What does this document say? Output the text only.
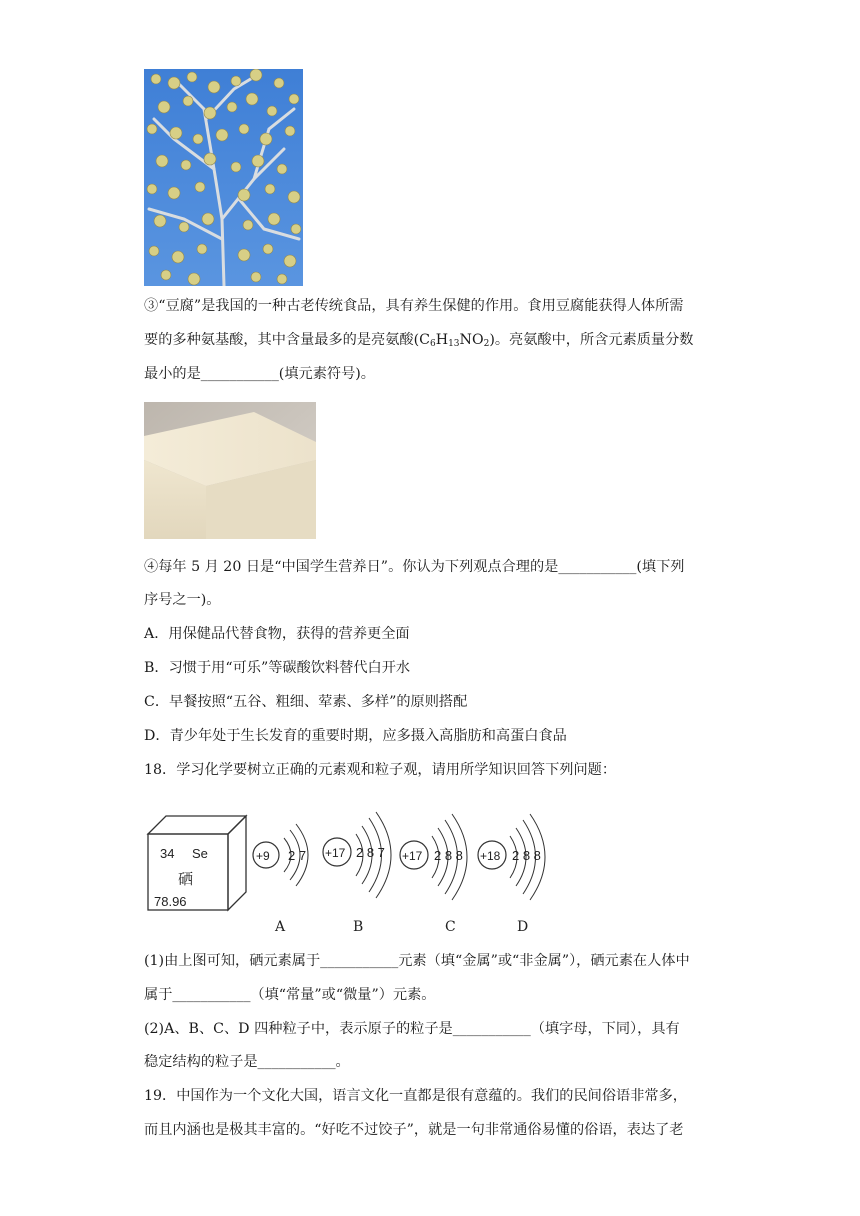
③“豆腐”是我国的一种古老传统食品，具有养生保健的作用。食用豆腐能获得人体所需
要的多种氨基酸，其中含量最多的是亮氨酸$(C_6H_{13}NO_2)$。亮氨酸中，所含元素质量分数
最小的是___________(填元素符号)。
④每年 5 月 20 日是“中国学生营养日”。你认为下列观点合理的是___________(填下列
序号之一)。
A．用保健品代替食物，获得的营养更全面
B．习惯于用“可乐”等碳酸饮料替代白开水
C．早餐按照“五谷、粗细、荤素、多样”的原则搭配
D．青少年处于生长发育的重要时期，应多摄入高脂肪和高蛋白食品
18．学习化学要树立正确的元素观和粒子观，请用所学知识回答下列问题：
34 Se
硒
78.96
+9 2 7 +17 2 8 7 +17 2 8 8 +18 2 8 8
A	B	C	D
(1)由上图可知，硒元素属于___________元素（填“金属”或“非金属”），硒元素在人体中
属于___________（填“常量”或“微量”）元素。
(2)A、B、C、D 四种粒子中，表示原子的粒子是___________（填字母，下同），具有
稳定结构的粒子是___________。
19．中国作为一个文化大国，语言文化一直都是很有意蕴的。我们的民间俗语非常多，
而且内涵也是极其丰富的。“好吃不过饺子”，就是一句非常通俗易懂的俗语，表达了老
